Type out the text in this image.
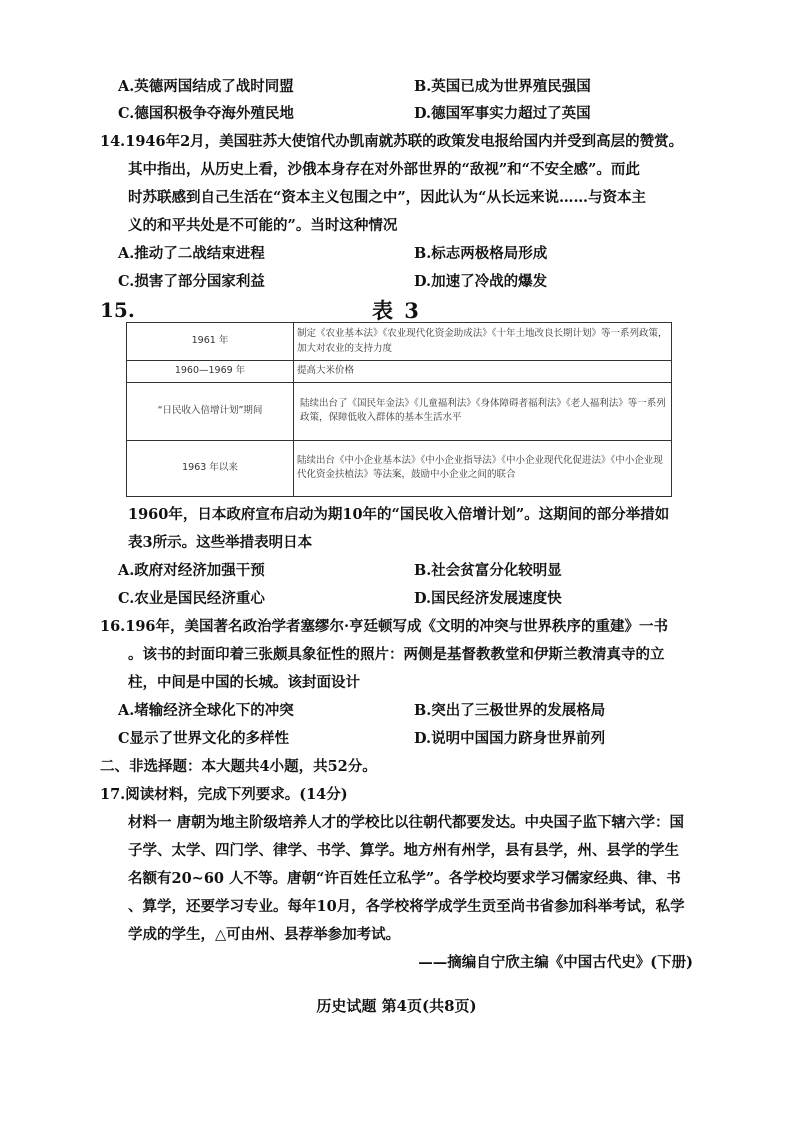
A.英德两国结成了战时同盟	B.英国已成为世界殖民强国
C.德国积极争夺海外殖民地	D.德国军事实力超过了英国
14.1946年2月，美国驻苏大使馆代办凯南就苏联的政策发电报给国内并受到高层的赞赏。
其中指出，从历史上看，沙俄本身存在对外部世界的“敌视”和“不安全感”。而此
时苏联感到自己生活在“资本主义包围之中”，因此认为“从长远来说……与资本主
义的和平共处是不可能的”。当时这种情况
A.推动了二战结束进程	B.标志两极格局形成
C.损害了部分国家利益	D.加速了冷战的爆发
15.	表 3
1961 年	制定《农业基本法》《农业现代化资金助成法》《十年土地改良长期计划》等一系列政策，加大对农业的支持力度
1960—1969 年	提高大米价格
“日民收入倍增计划”期间	陆续出台了《国民年金法》《儿童福利法》《身体障碍者福利法》《老人福利法》等一系列政策，保障低收入群体的基本生活水平
1963 年以来	陆续出台《中小企业基本法》《中小企业指导法》《中小企业现代化促进法》《中小企业现代化资金扶植法》等法案，鼓励中小企业之间的联合
1960年，日本政府宣布启动为期10年的“国民收入倍增计划”。这期间的部分举措如
表3所示。这些举措表明日本
A.政府对经济加强干预	B.社会贫富分化较明显
C.农业是国民经济重心	D.国民经济发展速度快
16.196年，美国著名政治学者塞缪尔·亨廷顿写成《文明的冲突与世界秩序的重建》一书
。该书的封面印着三张颇具象征性的照片：两侧是基督教教堂和伊斯兰教清真寺的立
柱，中间是中国的长城。该封面设计
A.堵输经济全球化下的冲突	B.突出了三极世界的发展格局
C显示了世界文化的多样性	D.说明中国国力跻身世界前列
二、非选择题：本大题共4小题，共52分。
17.阅读材料，完成下列要求。(14分)
材料一 唐朝为地主阶级培养人才的学校比以往朝代都要发达。中央国子监下辖六学：国
子学、太学、四门学、律学、书学、算学。地方州有州学，县有县学，州、县学的学生
名额有20~60 人不等。唐朝“许百姓任立私学”。各学校均要求学习儒家经典、律、书
、算学，还要学习专业。每年10月，各学校将学成学生贡至尚书省参加科举考试，私学
学成的学生，△可由州、县荐举参加考试。
——摘编自宁欣主编《中国古代史》(下册)
历史试题 第4页(共8页)
